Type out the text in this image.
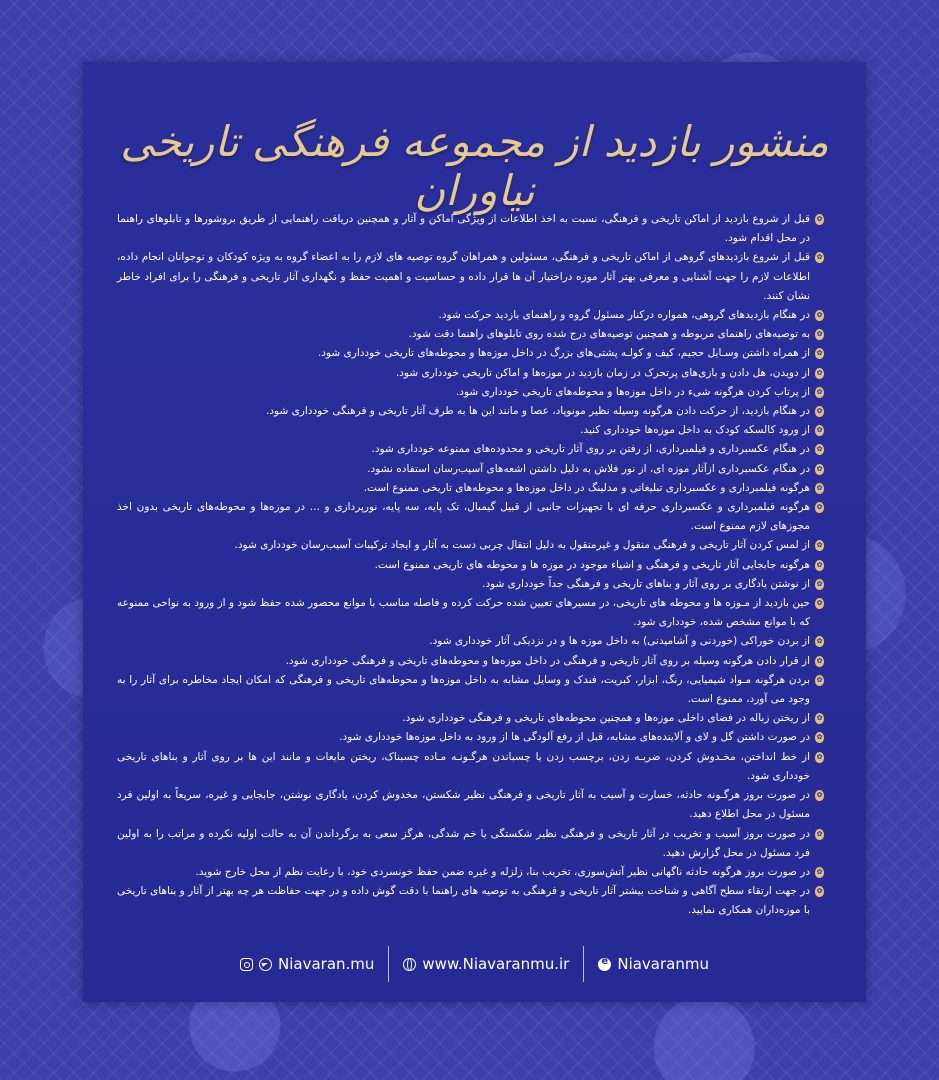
منشور بازدید از مجموعه فرهنگی تاریخی نیاوران

✿
قبل از شروع بازدید از اماکن تاریخی و فرهنگی، نسبت به اخذ اطلاعات از ویژگی اماکن و آثار و همچنین دریافت راهنمایی از طریق بروشورها و تابلوهای راهنما در محل اقدام شود.

✿
قبل از شروع بازدیدهای گروهی از اماکن تاریخی و فرهنگی، مسئولین و همراهان گروه توصیه های لازم را به اعضاء گروه به ویژه کودکان و نوجوانان انجام داده، اطلاعات لازم را جهت آشنایی و معرفی بهتر آثار موزه دراختیار آن ها قرار داده و حساسیت و اهمیت حفظ و نگهداری آثار تاریخی و فرهنگی را برای افراد خاطر نشان کنند.

✿
در هنگام بازدیدهای گروهی، همواره درکنار مسئول گروه و راهنمای بازدید حرکت شود.

✿
به توصیه‌های راهنمای مربوطه و همچنین توصیه‌های درج شده روی تابلوهای راهنما دقت شود.

✿
از همراه داشتن وسـایل حجیم، کیف و کولـه پشتی‌های بزرگ در داخل موزه‌ها و محوطه‌های تاریخی خودداری شود.

✿
از دویدن، هل دادن و بازی‌های پرتحرک در زمان بازدید در موزه‌ها و اماکن تاریخی خودداری شود.

✿
از پرتاب کردن هرگونه شیء در داخل موزه‌ها و محوطه‌های تاریخی خودداری شود.

✿
در هنگام بازدید، از حرکت دادن هرگونه وسیله نظیر مونوپاد، عصا و مانند این ها به طرف آثار تاریخی و فرهنگی خودداری شود.

✿
از ورود کالسکه کودک به داخل موزه‌ها خودداری کنید.

✿
در هنگام عکسبرداری و فیلمبرداری، از رفتن بر روی آثار تاریخی و محدوده‌های ممنوعه خودداری شود.

✿
در هنگام عکسبرداری ازآثار موزه ای، از نور فلاش به دلیل داشتن اشعه‌های آسیب‌رسان استفاده نشود.

✿
هرگونه فیلمبرداری و عکسبرداری تبلیغاتی و مدلینگ در داخل موزه‌ها و محوطه‌های تاریخی ممنوع است.

✿
هرگونه فیلمبرداری و عکسبرداری حرفه ای با تجهیزات جانبی از قبیل گیمبال، تک پایه، سه پایه، نورپردازی و ... در موزه‌ها و محوطه‌های تاریخی بدون اخذ مجوزهای لازم ممنوع است.

✿
از لمس کردن آثار تاریخی و فرهنگی منقول و غیرمنقول به دلیل انتقال چربی دست به آثار و ایجاد ترکیبات آسیب‌رسان خودداری شود.

✿
هرگونه جابجایی آثار تاریخی و فرهنگی و اشیاء موجود در موزه ها و محوطه های تاریخی ممنوع است.

✿
از نوشتن یادگاری بر روی آثار و بناهای تاریخی و فرهنگی جداً خودداری شود.

✿
حین بازدید از مـوزه ها و محوطه های تاریخی، در مسیرهای تعیین شده حرکت کرده و فاصله مناسب با موانع محصور شده حفظ شود و از ورود به نواحی ممنوعه که با موانع مشخص شده، خودداری شود.

✿
از بردن خوراکی (خوردنی و آشامیدنی) به داخل موزه ها و در نزدیکی آثار خودداری شود.

✿
از قرار دادن هرگونه وسیله بر روی آثار تاریخی و فرهنگی در داخل موزه‌ها و محوطه‌های تاریخی و فرهنگی خودداری شود.

✿
بردن هرگونه مـواد شیمیایی، رنگ، ابزار، کبریت، فندک و وسایل مشابه به داخل موزه‌ها و محوطه‌های تاریخی و فرهنگی که امکان ایجاد مخاطره برای آثار را به وجود می آورد، ممنوع است.

✿
از ریختن زباله در فضای داخلی موزه‌ها و همچنین محوطه‌های تاریخی و فرهنگی خودداری شود.

✿
در صورت داشتن گل و لای و آلاینده‌های مشابه، قبل از رفع آلودگی ها از ورود به داخل موزه‌ها خودداری شود.

✿
از خط انداختن، مخـدوش کردن، ضربـه زدن، برچسب زدن یا چسباندن هرگـونـه مـاده چسبناک، ریختن مایعات و مانند این ها بر روی آثار و بناهای تاریخی خودداری شود.

✿
در صورت بروز هرگـونه حادثه، خسارت و آسیب به آثار تاریخی و فرهنگی نظیر شکستن، مخدوش کردن، یادگاری نوشتن، جابجایی و غیره، سریعاً به اولین فرد مسئول در محل اطلاع دهید.

✿
در صورت بروز آسیب و تخریب در آثار تاریخی و فرهنگی نظیر شکستگی یا خم شدگی، هرگز سعی به برگرداندن آن به حالت اولیه نکرده و مراتب را به اولین فرد مسئول در محل گزارش دهید.

✿
در صورت بروز هرگونه حادثه ناگهانی نظیر آتش‌سوزی، تخریب بنا، زلزله و غیره ضمن حفظ خونسردی خود، با رعایت نظم از محل خارج شوید.

✿
در جهت ارتقاء سطح آگاهی و شناخت بیشتر آثار تاریخی و فرهنگی به توصیه های راهنما با دقت گوش داده و در جهت حفاظت هر چه بهتر از آثار و بناهای تاریخی با موزه‌داران همکاری نمایید.

Niavaran.mu	www.Niavaranmu.ir
e	Niavaranmu
